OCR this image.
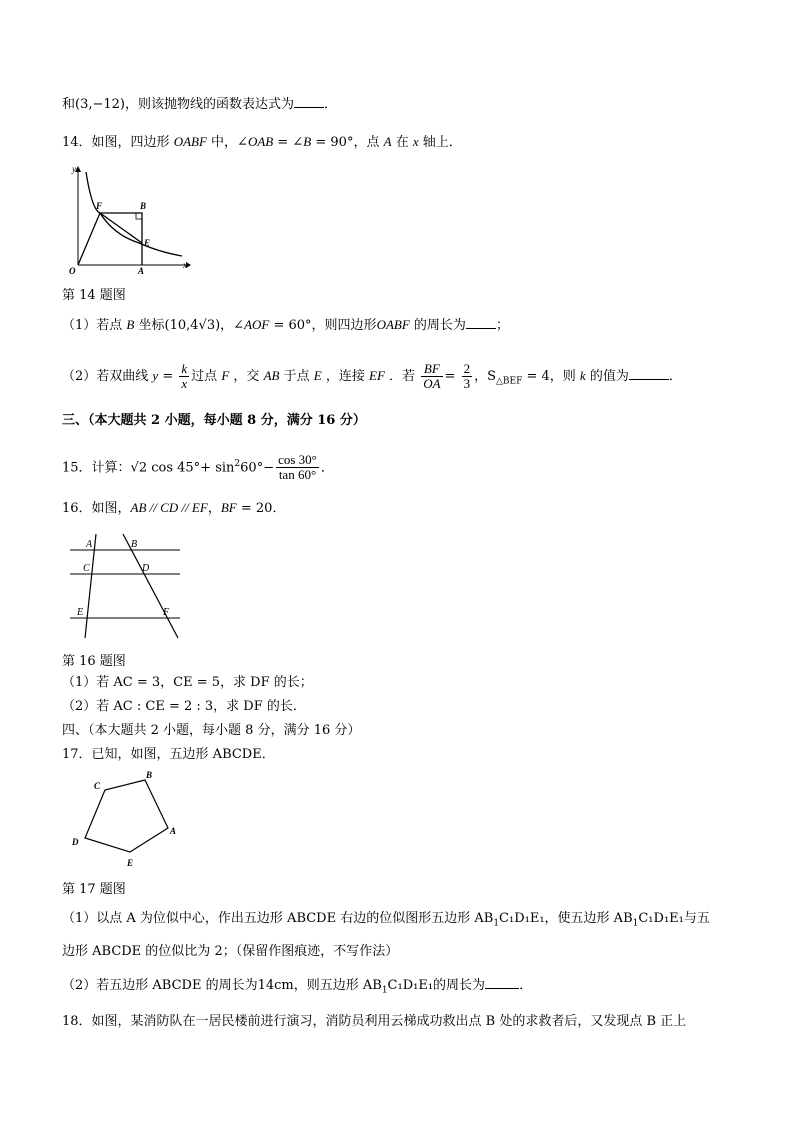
和(3,−12)，则该抛物线的函数表达式为 ．
14．如图，四边形 OABF 中，∠OAB = ∠B = 90°，点 A 在 x 轴上．
y
F	B
E
O	A
x
第 14 题图
（1）若点 B 坐标(10,4√3)，∠AOF = 60°，则四边形OABF 的周长为 ；
（2）若双曲线 $y = \frac{k}{x}$ 过点 F ，交 AB 于点 E ，连接 EF ．若 $\frac{BF}{OA} = \frac{2}{3}$ ，$S_{\triangle BEF} = 4$，则 k 的值为	．
三、（本大题共 2 小题，每小题 8 分，满分 16 分）
15．计算：√2 $\cos 45^\circ+ \sin^260^\circ- \frac{\cos 30^\circ}{\tan 60^\circ}$ ．
16．如图，AB // CD // EF，BF = 20．
A	B
C	D
E	F
第 16 题图
（1）若 AC = 3，CE = 5，求 DF 的长；
（2）若 AC : CE = 2 : 3，求 DF 的长．
四、（本大题共 2 小题，每小题 8 分，满分 16 分）
17．已知，如图，五边形 ABCDE．
B
C
A
D
E
第 17 题图
（1）以点 A 为位似中心，作出五边形 ABCDE 右边的位似图形五边形 $AB_1C_1D_1E_1$，使五边形 $AB_1C_1D_1E_1$与五
边形 ABCDE 的位似比为 2；（保留作图痕迹，不写作法）
（2）若五边形 ABCDE 的周长为14cm，则五边形 $AB_1C_1D_1E_1$的周长为	．
18．如图，某消防队在一居民楼前进行演习，消防员利用云梯成功救出点 B 处的求救者后，又发现点 B 正上
